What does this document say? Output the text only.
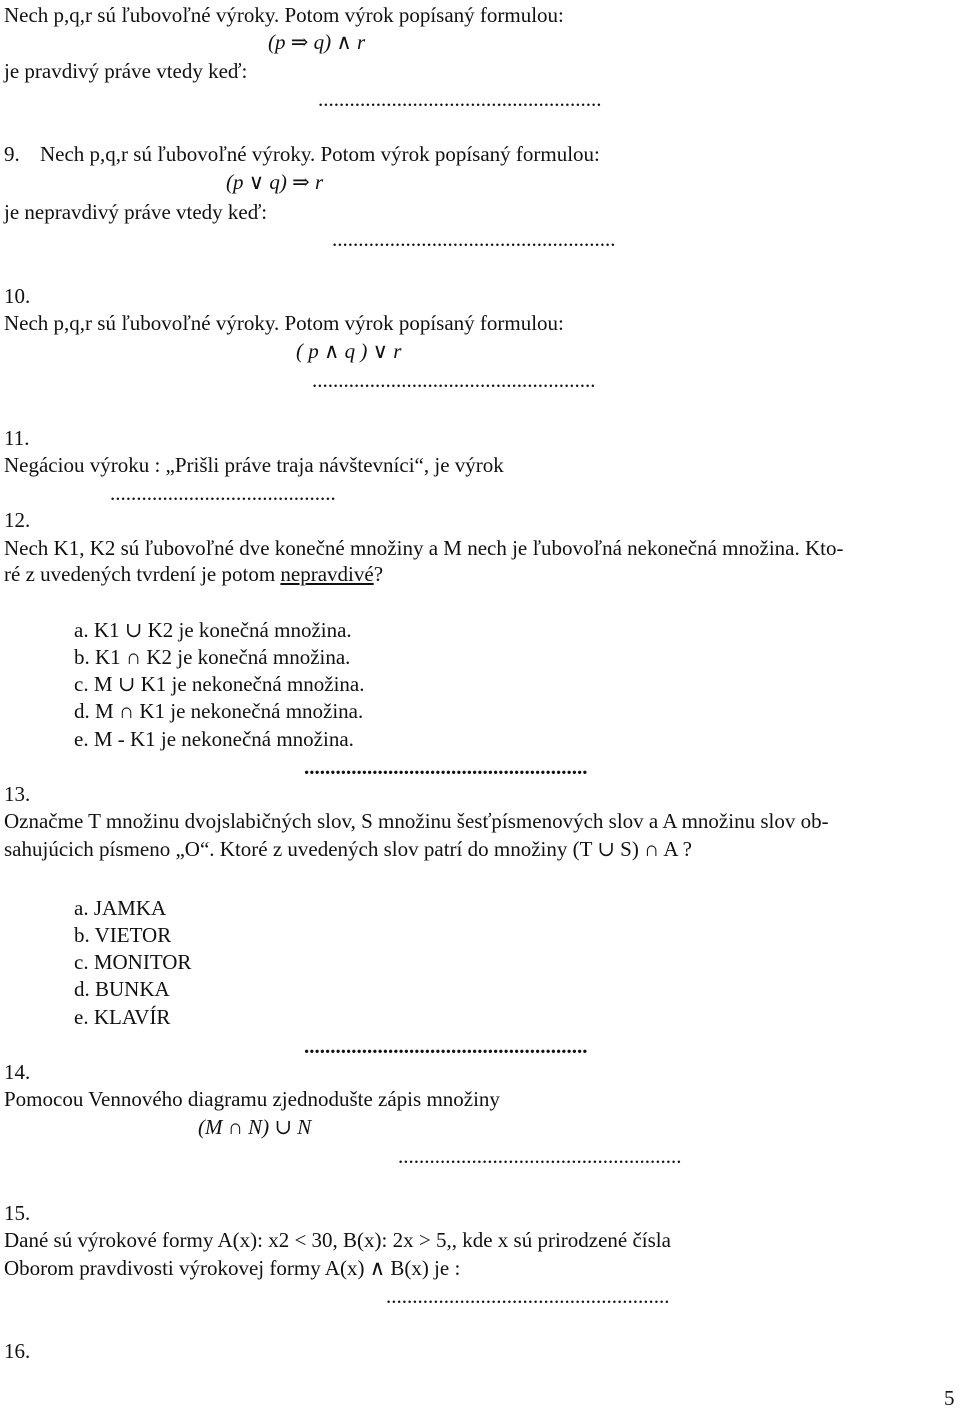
Nech p,q,r sú ľubovoľné výroky. Potom výrok popísaný formulou:
(p ⇒ q) ∧ r
je pravdivý práve vtedy keď:
......................................................
9. Nech p,q,r sú ľubovoľné výroky. Potom výrok popísaný formulou:
(p ∨ q) ⇒ r
je nepravdivý práve vtedy keď:
......................................................
10.
Nech p,q,r sú ľubovoľné výroky. Potom výrok popísaný formulou:
( p ∧ q ) ∨ r
......................................................
11.
Negáciou výroku : „Prišli práve traja návštevníci“, je výrok
...........................................
12.
Nech K1, K2 sú ľubovoľné dve konečné množiny a M nech je ľubovoľná nekonečná množina. Kto-
ré z uvedených tvrdení je potom nepravdivé?
a. K1 ∪ K2 je konečná množina.
b. K1 ∩ K2 je konečná množina.
c. M ∪ K1 je nekonečná množina.
d. M ∩ K1 je nekonečná množina.
e. M - K1 je nekonečná množina.
......................................................
13.
Označme T množinu dvojslabičných slov, S množinu šesťpísmenových slov a A množinu slov ob-
sahujúcich písmeno „O“. Ktoré z uvedených slov patrí do množiny (T ∪ S) ∩ A ?
a. JAMKA
b. VIETOR
c. MONITOR
d. BUNKA
e. KLAVÍR
......................................................
14.
Pomocou Vennového diagramu zjednodušte zápis množiny
(M ∩ N) ∪ N
......................................................
15.
Dané sú výrokové formy A(x): x2 < 30, B(x): 2x > 5,, kde x sú prirodzené čísla
Oborom pravdivosti výrokovej formy A(x) ∧ B(x) je :
......................................................
16.
5
